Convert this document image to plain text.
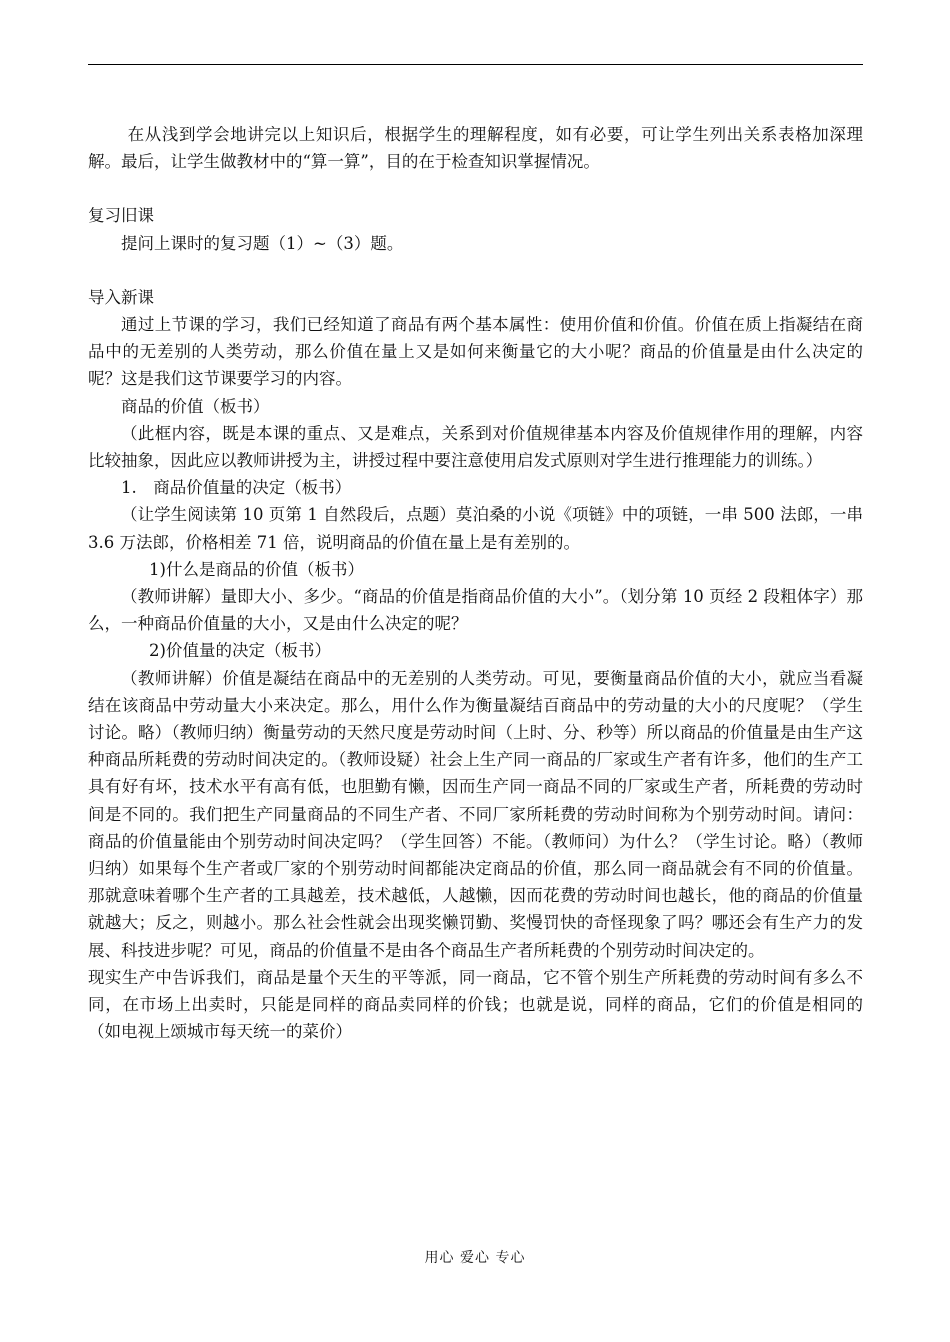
在从浅到学会地讲完以上知识后，根据学生的理解程度，如有必要，可让学生列出关系表格加深理解。最后，让学生做教材中的“算一算”，目的在于检查知识掌握情况。

复习旧课

提问上课时的复习题（1）~（3）题。

导入新课

通过上节课的学习，我们已经知道了商品有两个基本属性：使用价值和价值。价值在质上指凝结在商品中的无差别的人类劳动，那么价值在量上又是如何来衡量它的大小呢？商品的价值量是由什么决定的呢？这是我们这节课要学习的内容。

商品的价值（板书）

（此框内容，既是本课的重点、又是难点，关系到对价值规律基本内容及价值规律作用的理解，内容比较抽象，因此应以教师讲授为主，讲授过程中要注意使用启发式原则对学生进行推理能力的训练。）

1.　商品价值量的决定（板书）

（让学生阅读第 10 页第 1 自然段后，点题）莫泊桑的小说《项链》中的项链，一串 500 法郎，一串 3.6 万法郎，价格相差 71 倍，说明商品的价值在量上是有差别的。

1)什么是商品的价值（板书）

（教师讲解）量即大小、多少。“商品的价值是指商品价值的大小”。（划分第 10 页经 2 段粗体字）那么，一种商品价值量的大小，又是由什么决定的呢？

2)价值量的决定（板书）

（教师讲解）价值是凝结在商品中的无差别的人类劳动。可见，要衡量商品价值的大小，就应当看凝结在该商品中劳动量大小来决定。那么，用什么作为衡量凝结百商品中的劳动量的大小的尺度呢？（学生讨论。略）（教师归纳）衡量劳动的天然尺度是劳动时间（上时、分、秒等）所以商品的价值量是由生产这种商品所耗费的劳动时间决定的。（教师设疑）社会上生产同一商品的厂家或生产者有许多，他们的生产工具有好有坏，技术水平有高有低，也胆勤有懒，因而生产同一商品不同的厂家或生产者，所耗费的劳动时间是不同的。我们把生产同量商品的不同生产者、不同厂家所耗费的劳动时间称为个别劳动时间。请问：商品的价值量能由个别劳动时间决定吗？（学生回答）不能。（教师问）为什么？（学生讨论。略）（教师归纳）如果每个生产者或厂家的个别劳动时间都能决定商品的价值，那么同一商品就会有不同的价值量。那就意味着哪个生产者的工具越差，技术越低，人越懒，因而花费的劳动时间也越长，他的商品的价值量就越大；反之，则越小。那么社会性就会出现奖懒罚勤、奖慢罚快的奇怪现象了吗？哪还会有生产力的发展、科技进步呢？可见，商品的价值量不是由各个商品生产者所耗费的个别劳动时间决定的。

现实生产中告诉我们，商品是量个天生的平等派，同一商品，它不管个别生产所耗费的劳动时间有多么不同，在市场上出卖时，只能是同样的商品卖同样的价钱；也就是说，同样的商品，它们的价值是相同的（如电视上颂城市每天统一的菜价）

用心 爱心 专心
